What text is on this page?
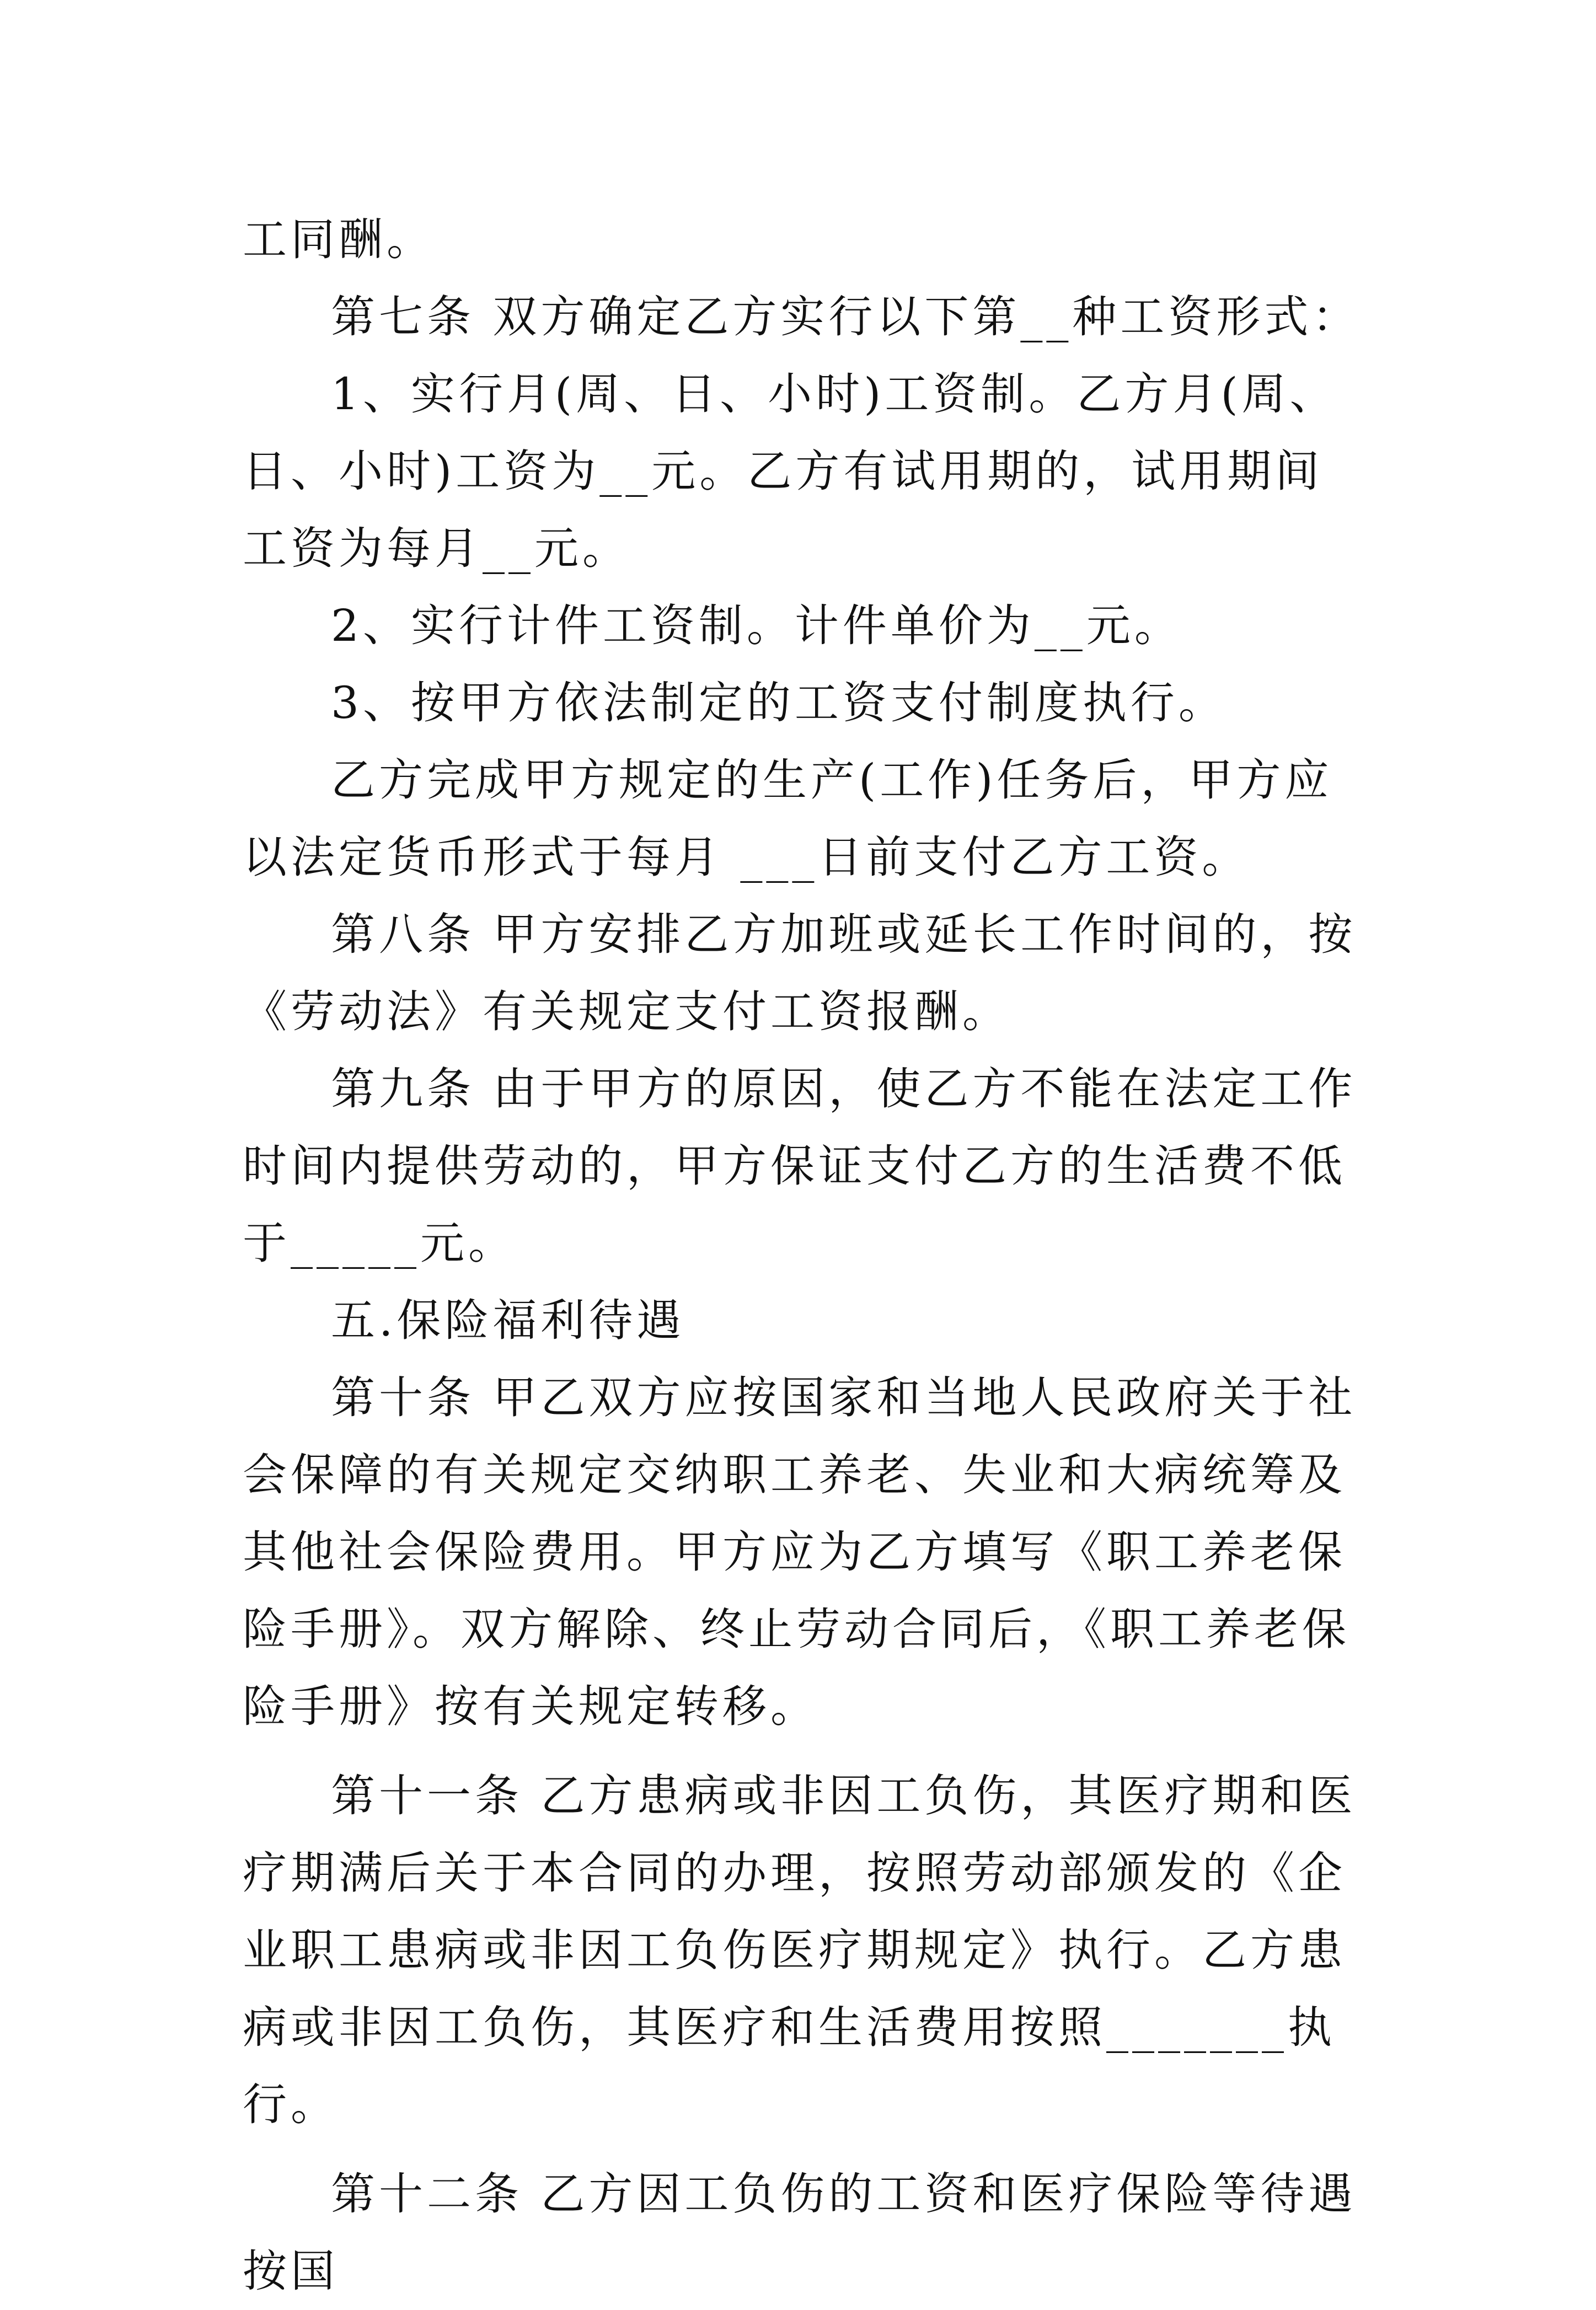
工同酬。

第七条 双方确定乙方实行以下第__种工资形式：

1、实行月(周、日、小时)工资制。乙方月(周、日、小时)工资为__元。乙方有试用期的，试用期间工资为每月__元。

2、实行计件工资制。计件单价为__元。

3、按甲方依法制定的工资支付制度执行。

乙方完成甲方规定的生产(工作)任务后，甲方应以法定货币形式于每月 ___日前支付乙方工资。

第八条 甲方安排乙方加班或延长工作时间的，按《劳动法》有关规定支付工资报酬。

第九条 由于甲方的原因，使乙方不能在法定工作时间内提供劳动的，甲方保证支付乙方的生活费不低于_____元。

五.保险福利待遇

第十条 甲乙双方应按国家和当地人民政府关于社会保障的有关规定交纳职工养老、失业和大病统筹及其他社会保险费用。甲方应为乙方填写《职工养老保险手册》。双方解除、终止劳动合同后，《职工养老保险手册》按有关规定转移。

第十一条 乙方患病或非因工负伤，其医疗期和医疗期满后关于本合同的办理，按照劳动部颁发的《企业职工患病或非因工负伤医疗期规定》执行。乙方患病或非因工负伤，其医疗和生活费用按照_______执行。

第十二条 乙方因工负伤的工资和医疗保险等待遇按国
